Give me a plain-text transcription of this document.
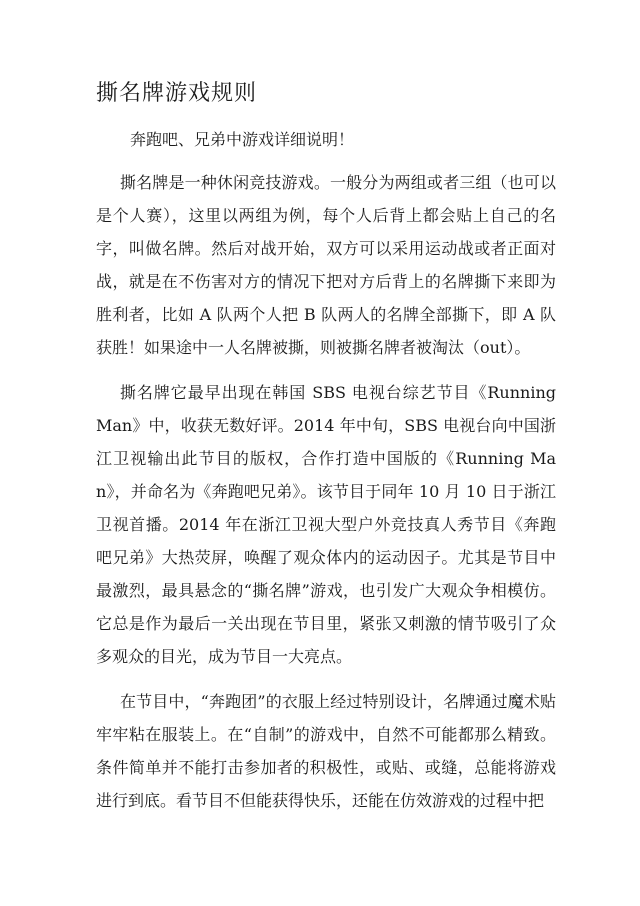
撕名牌游戏规则

奔跑吧、兄弟中游戏详细说明！

撕名牌是一种休闲竞技游戏。一般分为两组或者三组（也可以是个人赛），这里以两组为例，每个人后背上都会贴上自己的名字，叫做名牌。然后对战开始，双方可以采用运动战或者正面对战，就是在不伤害对方的情况下把对方后背上的名牌撕下来即为胜利者，比如 A 队两个人把 B 队两人的名牌全部撕下，即 A 队获胜！如果途中一人名牌被撕，则被撕名牌者被淘汰（out）。

撕名牌它最早出现在韩国 SBS 电视台综艺节目《Running Man》中，收获无数好评。2014 年中旬，SBS 电视台向中国浙江卫视输出此节目的版权，合作打造中国版的《Running Man》，并命名为《奔跑吧兄弟》。该节目于同年 10 月 10 日于浙江卫视首播。2014 年在浙江卫视大型户外竞技真人秀节目《奔跑吧兄弟》大热荧屏，唤醒了观众体内的运动因子。尤其是节目中最激烈，最具悬念的“撕名牌”游戏，也引发广大观众争相模仿。它总是作为最后一关出现在节目里，紧张又刺激的情节吸引了众多观众的目光，成为节目一大亮点。

在节目中，“奔跑团”的衣服上经过特别设计，名牌通过魔术贴牢牢粘在服装上。在“自制”的游戏中，自然不可能都那么精致。条件简单并不能打击参加者的积极性，或贴、或缝，总能将游戏进行到底。看节目不但能获得快乐，还能在仿效游戏的过程中把
